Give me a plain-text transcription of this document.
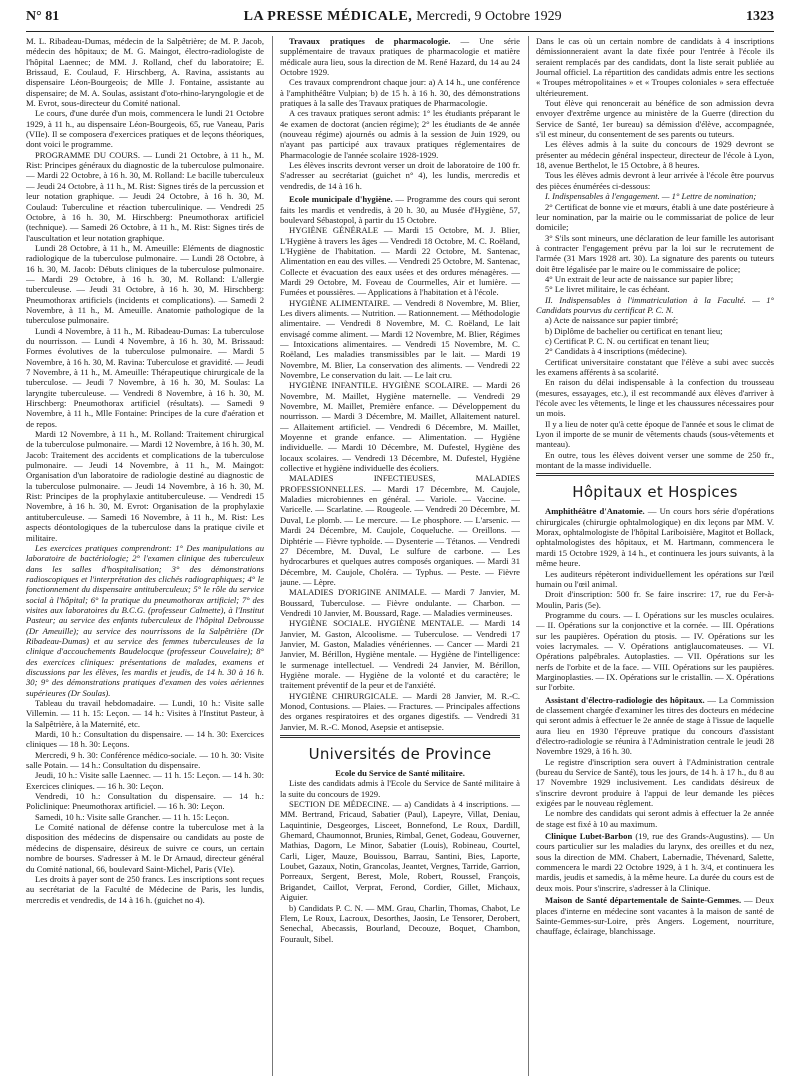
N° 81	LA PRESSE MÉDICALE, Mercredi, 9 Octobre 1929	1323

M. L. Ribadeau-Dumas, médecin de la Salpêtrière; de M. P. Jacob, médecin des hôpitaux; de M. G. Maingot, électro-radiologiste de l'hôpital Laennec; de MM. J. Rolland, chef du laboratoire; E. Brissaud, E. Coulaud, F. Hirschberg, A. Ravina, assistants au dispensaire Léon-Bourgeois; de Mlle J. Fontaine, assistante au dispensaire; de M. A. Soulas, assistant d'oto-rhino-laryngologie et de M. Evrot, sous-directeur du Comité national.

Le cours, d'une durée d'un mois, commencera le lundi 21 Octobre 1929, à 11 h., au dispensaire Léon-Bourgeois, 65, rue Vaneau, Paris (VIIe). Il se composera d'exercices pratiques et de leçons théoriques, dont voici le programme.

PROGRAMME DU COURS. — Lundi 21 Octobre, à 11 h., M. Rist: Principes généraux du diagnostic de la tuberculose pulmonaire. — Mardi 22 Octobre, à 16 h. 30, M. Rolland: Le bacille tuberculeux — Jeudi 24 Octobre, à 11 h., M. Rist: Signes tirés de la percussion et leur notation graphique. — Jeudi 24 Octobre, à 16 h. 30, M. Coulaud: Tuberculine et réaction tuberculinique. — Vendredi 25 Octobre, à 16 h. 30, M. Hirschberg: Pneumothorax artificiel (technique). — Samedi 26 Octobre, à 11 h., M. Rist: Signes tirés de l'auscultation et leur notation graphique.

Lundi 28 Octobre, à 11 h., M. Ameuille: Eléments de diagnostic radiologique de la tuberculose pulmonaire. — Lundi 28 Octobre, à 16 h. 30, M. Jacob: Débuts cliniques de la tuberculose pulmonaire. — Mardi 29 Octobre, à 16 h. 30, M. Rolland: L'allergie tuberculeuse. — Jeudi 31 Octobre, à 16 h. 30, M. Hirschberg: Pneumothorax artificiels (incidents et complications). — Samedi 2 Novembre, à 11 h., M. Ameuille. Anatomie pathologique de la tuberculose pulmonaire.

Lundi 4 Novembre, à 11 h., M. Ribadeau-Dumas: La tuberculose du nourrisson. — Lundi 4 Novembre, à 16 h. 30, M. Brissaud: Formes évolutives de la tuberculose pulmonaire. — Mardi 5 Novembre, à 16 h. 30, M. Ravina: Tuberculose et gravidité. — Jeudi 7 Novembre, à 11 h., M. Ameuille: Thérapeutique chirurgicale de la tuberculose. — Jeudi 7 Novembre, à 16 h. 30, M. Soulas: La laryngite tuberculeuse. — Vendredi 8 Novembre, à 16 h. 30, M. Hirschberg: Pneumothorax artificiel (résultats). — Samedi 9 Novembre, à 11 h., Mlle Fontaine: Principes de la cure d'aération et de repos.

Mardi 12 Novembre, à 11 h., M. Rolland: Traitement chirurgical de la tuberculose pulmonaire. — Mardi 12 Novembre, à 16 h. 30, M. Jacob: Traitement des accidents et complications de la tuberculose pulmonaire. — Jeudi 14 Novembre, à 11 h., M. Maingot: Organisation d'un laboratoire de radiologie destiné au diagnostic de la tuberculose pulmonaire. — Jeudi 14 Novembre, à 16 h. 30, M. Rist: Principes de la prophylaxie antituberculeuse. — Vendredi 15 Novembre, à 16 h. 30, M. Evrot: Organisation de la prophylaxie antituberculeuse. — Samedi 16 Novembre, à 11 h., M. Rist: Les aspects déontologiques de la tuberculose dans la pratique civile et militaire.

Les exercices pratiques comprendront: 1° Des manipulations au laboratoire de bactériologie; 2° l'examen clinique des tuberculeux dans les salles d'hospitalisation; 3° des démonstrations radioscopiques et l'interprétation des clichés radiographiques; 4° le fonctionnement du dispensaire antituberculeux; 5° le rôle du service social à l'hôpital; 6° la pratique du pneumothorax artificiel; 7° des visites aux laboratoires du B.C.G. (professeur Calmette), à l'Institut Pasteur; au service des enfants tuberculeux de l'hôpital Debrousse (Dr Ameuille); au service des nourrissons de la Salpêtrière (Dr Ribadeau-Dumas) et au service des femmes tuberculeuses de la clinique d'accouchements Baudelocque (professeur Couvelaire); 8° des exercices cliniques: présentations de malades, examens et discussions par les élèves, les mardis et jeudis, de 14 h. 30 à 16 h. 30; 9° des démonstrations pratiques d'examen des voies aériennes supérieures (Dr Soulas).

Tableau du travail hebdomadaire. — Lundi, 10 h.: Visite salle Villemin. — 11 h. 15: Leçon. — 14 h.: Visites à l'Institut Pasteur, à la Salpêtrière, à la Maternité, etc.

Mardi, 10 h.: Consultation du dispensaire. — 14 h. 30: Exercices cliniques — 18 h. 30: Leçons.

Mercredi, 9 h. 30: Conférence médico-sociale. — 10 h. 30: Visite salle Potain. — 14 h.: Consultation du dispensaire.

Jeudi, 10 h.: Visite salle Laennec. — 11 h. 15: Leçon. — 14 h. 30: Exercices cliniques. — 16 h. 30: Leçon.

Vendredi, 10 h.: Consultation du dispensaire. — 14 h.: Policlinique: Pneumothorax artificiel. — 16 h. 30: Leçon.

Samedi, 10 h.: Visite salle Grancher. — 11 h. 15: Leçon.

Le Comité national de défense contre la tuberculose met à la disposition des médecins de dispensaire ou candidats au poste de médecins de dispensaire, désireux de suivre ce cours, un certain nombre de bourses. S'adresser à M. le Dr Arnaud, directeur général du Comité national, 66, boulevard Saint-Michel, Paris (VIe).

Les droits à payer sont de 250 francs. Les inscriptions sont reçues au secrétariat de la Faculté de Médecine de Paris, les lundis, mercredis et vendredis, de 14 à 16 h. (guichet no 4).

Travaux pratiques de pharmacologie. — Une série supplémentaire de travaux pratiques de pharmacologie et matière médicale aura lieu, sous la direction de M. René Hazard, du 14 au 24 Octobre 1929.

Ces travaux comprendront chaque jour: a) A 14 h., une conférence à l'amphithéâtre Vulpian; b) de 15 h. à 16 h. 30, des démonstrations pratiques à la salle des Travaux pratiques de Pharmacologie.

A ces travaux pratiques seront admis: 1° les étudiants préparant le 4e examen de doctorat (ancien régime); 2° les étudiants de 4e année (nouveau régime) ajournés ou admis à la session de Juin 1929, ou n'ayant pas participé aux travaux pratiques réglementaires de Pharmacologie de l'année scolaire 1928-1929.

Les élèves inscrits devront verser un droit de laboratoire de 100 fr. S'adresser au secrétariat (guichet n° 4), les lundis, mercredis et vendredis, de 14 à 16 h.

Ecole municipale d'hygiène. — Programme des cours qui seront faits les mardis et vendredis, à 20 h. 30, au Musée d'Hygiène, 57, boulevard Sébastopol, à partir du 15 Octobre.

HYGIÈNE GÉNÉRALE — Mardi 15 Octobre, M. J. Blier, L'Hygiène à travers les âges — Vendredi 18 Octobre, M. C. Roëland, L'Hygiène de l'habitation. — Mardi 22 Octobre, M. Santenac, Alimentation en eau des villes. — Vendredi 25 Octobre, M. Santenac, Collecte et évacuation des eaux usées et des ordures ménagères. — Mardi 29 Octobre, M. Foveau de Courmelles, Air et lumière. — Fumées et poussières. — Applications à l'habitation et à l'école.

HYGIÈNE ALIMENTAIRE. — Vendredi 8 Novembre, M. Blier, Les divers aliments. — Nutrition. — Rationnement. — Méthodologie alimentaire. — Vendredi 8 Novembre, M. C. Roëland, Le lait envisagé comme aliment. — Mardi 12 Novembre, M. Blier, Régimes — Intoxications alimentaires. — Vendredi 15 Novembre, M. C. Roëland, Les maladies transmissibles par le lait. — Mardi 19 Novembre, M. Blier, La conservation des aliments. — Vendredi 22 Novembre, Le conservation du lait. — Le lait cru.

HYGIÈNE INFANTILE. HYGIÈNE SCOLAIRE. — Mardi 26 Novembre, M. Maillet, Hygiène maternelle. — Vendredi 29 Novembre, M. Maillet, Première enfance. — Développement du nourrisson. — Mardi 3 Décembre, M. Maillet, Allaitement naturel. — Allaitement artificiel. — Vendredi 6 Décembre, M. Maillet, Moyenne et grande enfance. — Alimentation. — Hygiène individuelle. — Mardi 10 Décembre, M. Dufestel, Hygiène des locaux scolaires. — Vendredi 13 Décembre, M. Dufestel, Hygiène collective et hygiène individuelle des écoliers.

MALADIES INFECTIEUSES, MALADIES PROFESSIONNELLES. — Mardi 17 Décembre, M. Caujole, Maladies microbiennes en général. — Variole. — Vaccine. — Varicelle. — Scarlatine. — Rougeole. — Vendredi 20 Décembre, M. Duval, Le plomb. — Le mercure. — Le phosphore. — L'arsenic. — Mardi 24 Décembre, M. Caujole, Coqueluche. — Oreillons. — Diphtérie — Fièvre typhoïde. — Dysenterie — Tétanos. — Vendredi 27 Décembre, M. Duval, Le sulfure de carbone. — Les hydrocarbures et quelques autres composés organiques. — Mardi 31 Décembre, M. Caujole, Choléra. — Typhus. — Peste. — Fièvre jaune. — Lèpre.

MALADIES D'ORIGINE ANIMALE. — Mardi 7 Janvier, M. Boussard, Tuberculose. — Fièvre ondulante. — Charbon. — Vendredi 10 Janvier, M. Boussard, Rage. — Maladies vermineuses.

HYGIÈNE SOCIALE. HYGIÈNE MENTALE. — Mardi 14 Janvier, M. Gaston, Alcoolisme. — Tuberculose. — Vendredi 17 Janvier, M. Gaston, Maladies vénériennes. — Cancer — Mardi 21 Janvier, M. Bérillon, Hygiène mentale. — Hygiène de l'intelligence: le surmenage intellectuel. — Vendredi 24 Janvier, M. Bérillon, Hygiène morale. — Hygiène de la volonté et du caractère; le traitement préventif de la peur et de l'anxiété.

HYGIÈNE CHIRURGICALE. — Mardi 28 Janvier, M. R.-C. Monod, Contusions. — Plaies. — Fractures. — Principales affections des organes respiratoires et des organes digestifs. — Vendredi 31 Janvier, M. R.-C. Monod, Asepsie et antisepsie.

Universités de Province

Ecole du Service de Santé militaire.

Liste des candidats admis à l'Ecole du Service de Santé militaire à la suite du concours de 1929.

SECTION DE MÉDECINE. — a) Candidats à 4 inscriptions. — MM. Bertrand, Fricaud, Sabatier (Paul), Lapeyre, Villat, Deniau, Laquintinie, Desgeorges, Lisceet, Bonnefond, Le Roux, Dardill, Ghemard, Chaumonnot, Brunies, Rimbal, Genet, Godeau, Gouverner, Mathias, Dagorn, Le Minor, Sabatier (Louis), Robineau, Courtel, Carli, Liger, Mauze, Bouissou, Barrau, Santini, Bies, Laporte, Loubet, Gazaux, Notin, Grancolas, Jeantet, Vergnes, Tarride, Garrion, Porreaux, Sergent, Berest, Mole, Robert, Roussel, François, Brigandet, Caillot, Verprat, Ferond, Cordier, Gillet, Michaux, Aiguier.

b) Candidats P. C. N. — MM. Grau, Charlin, Thomas, Chabot, Le Flem, Le Roux, Lacroux, Desorthes, Jaosin, Le Tensorer, Derobert, Senechal, Abecassis, Bourland, Decouze, Boquet, Chambon, Fourault, Sibel.

Dans le cas où un certain nombre de candidats à 4 inscriptions démissionneraient avant la date fixée pour l'entrée à l'école ils seraient remplacés par des candidats, dont la liste serait publiée au Journal officiel. La répartition des candidats admis entre les sections « Troupes métropolitaines » et « Troupes coloniales » sera effectuée ultérieurement.

Tout élève qui renoncerait au bénéfice de son admission devra envoyer d'extrême urgence au ministère de la Guerre (direction du Service de Santé, 1er bureau) sa démission d'élève, accompagnée, s'il est mineur, du consentement de ses parents ou tuteurs.

Les élèves admis à la suite du concours de 1929 devront se présenter au médecin général inspecteur, directeur de l'école à Lyon, 18, avenue Berthelot, le 15 Octobre, à 8 heures.

Tous les élèves admis devront à leur arrivée à l'école être pourvus des pièces énumérées ci-dessous:

I. Indispensables à l'engagement. — 1° Lettre de nomination;

2° Certificat de bonne vie et mœurs, établi à une date postérieure à leur nomination, par la mairie ou le commissariat de police de leur domicile;

3° S'ils sont mineurs, une déclaration de leur famille les autorisant à contracter l'engagement prévu par la loi sur le recrutement de l'armée (31 Mars 1928 art. 30). La signature des parents ou tuteurs doit être légalisée par le maire ou le commissaire de police;

4° Un extrait de leur acte de naissance sur papier libre;

5° Le livret militaire, le cas échéant.

II. Indispensables à l'immatriculation à la Faculté. — 1° Candidats pourvus du certificat P. C. N.

a) Acte de naissance sur papier timbré;

b) Diplôme de bachelier ou certificat en tenant lieu;

c) Certificat P. C. N. ou certificat en tenant lieu;

2° Candidats à 4 inscriptions (médecine).

Certificat universitaire constatant que l'élève a subi avec succès les examens afférents à sa scolarité.

En raison du délai indispensable à la confection du trousseau (mesures, essayages, etc.), il est recommandé aux élèves d'arriver à l'école avec les vêtements, le linge et les chaussures nécessaires pour un mois.

Il y a lieu de noter qu'à cette époque de l'année et sous le climat de Lyon il importe de se munir de vêtements chauds (sous-vêtements et manteau).

En outre, tous les élèves doivent verser une somme de 250 fr., montant de la masse individuelle.

Hôpitaux et Hospices

Amphithéâtre d'Anatomie. — Un cours hors série d'opérations chirurgicales (chirurgie ophtalmologique) en dix leçons par MM. V. Morax, ophtalmologiste de l'hôpital Lariboisière, Magitot et Bollack, ophtalmologistes des hôpitaux, et M. Hartmann, commencera le mardi 15 Octobre 1929, à 14 h., et continuera les jours suivants, à la même heure.

Les auditeurs répèteront individuellement les opérations sur l'œil humain ou l'œil animal.

Droit d'inscription: 500 fr. Se faire inscrire: 17, rue du Fer-à-Moulin, Paris (5e).

Programme du cours. — I. Opérations sur les muscles oculaires. — II. Opérations sur la conjonctive et la cornée. — III. Opérations sur les paupières. Opération du ptosis. — IV. Opérations sur les voies lacrymales. — V. Opérations antiglaucomateuses. — VI. Opérations palpébrales. Autoplasties. — VII. Opérations sur les nerfs de l'orbite et de la face. — VIII. Opérations sur les paupières. Marginoplasties. — IX. Opérations sur le cristallin. — X. Opérations sur l'orbite.

Assistant d'électro-radiologie des hôpitaux. — La Commission de classement chargée d'examiner les titres des docteurs en médecine qui seront admis à effectuer le 2e année de stage à l'issue de laquelle aura lieu en 1930 l'épreuve pratique du concours d'assistant d'électro-radiologie se réunira à l'Administration centrale le jeudi 28 Novembre 1929, à 16 h. 30.

Le registre d'inscription sera ouvert à l'Administration centrale (bureau du Service de Santé), tous les jours, de 14 h. à 17 h., du 8 au 17 Novembre 1929 inclusivement. Les candidats désireux de s'inscrire devront produire à l'appui de leur demande les pièces exigées par le nouveau règlement.

Le nombre des candidats qui seront admis à effectuer la 2e année de stage est fixé à 10 au maximum.

Clinique Lubet-Barbon (19, rue des Grands-Augustins). — Un cours particulier sur les maladies du larynx, des oreilles et du nez, sous la direction de MM. Chabert, Labernadie, Thévenard, Salette, commencera le mardi 22 Octobre 1929, à 1 h. 3/4, et continuera les mardis, jeudis et samedis, à la même heure. La durée du cours est de deux mois. Pour s'inscrire, s'adresser à la Clinique.

Maison de Santé départementale de Sainte-Gemmes. — Deux places d'interne en médecine sont vacantes à la maison de santé de Sainte-Gemmes-sur-Loire, près Angers. Logement, nourriture, chauffage, éclairage, blanchissage.
